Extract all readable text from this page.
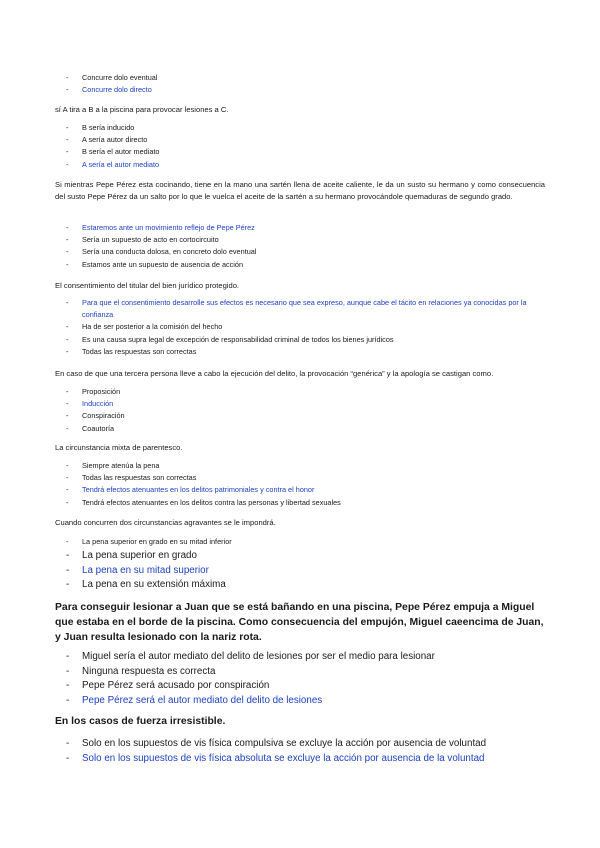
- Concurre dolo eventual
- Concurre dolo directo

sí A tira a B a la piscina para provocar lesiones a C.

- B sería inducido
- A sería autor directo
- B sería el autor mediato
- A sería el autor mediato

Si mientras Pepe Pérez esta cocinando, tiene en la mano una sartén llena de aceite caliente, le da un susto su hermano y como consecuencia del susto Pepe Pérez da un salto por lo que le vuelca el aceite de la sartén a su hermano provocándole quemaduras de segundo grado.

- Estaremos ante un movimiento reflejo de Pepe Pérez
- Sería un supuesto de acto en cortocircuito
- Sería una conducta dolosa, en concreto dolo eventual
- Estamos ante un supuesto de ausencia de acción

El consentimiento del titular del bien jurídico protegido.

- Para que el consentimiento desarrolle sus efectos es necesario que sea expreso, aunque cabe el tácito en relaciones ya conocidas por la confianza
- Ha de ser posterior a la comisión del hecho
- Es una causa supra legal de excepción de responsabilidad criminal de todos los bienes jurídicos
- Todas las respuestas son correctas

En caso de que una tercera persona lleve a cabo la ejecución del delito, la provocación “genérica” y la apología se castigan como.

- Proposición
- Inducción
- Conspiración
- Coautoría

La circunstancia mixta de parentesco.

- Siempre atenúa la pena
- Todas las respuestas son correctas
- Tendrá efectos atenuantes en los delitos patrimoniales y contra el honor
- Tendrá efectos atenuantes en los delitos contra las personas y libertad sexuales

Cuando concurren dos circunstancias agravantes se le impondrá.

- La pena superior en grado en su mitad inferior
- La pena superior en grado
- La pena en su mitad superior
- La pena en su extensión máxima

Para conseguir lesionar a Juan que se está bañando en una piscina, Pepe Pérez empuja a Miguel que estaba en el borde de la piscina. Como consecuencia del empujón, Miguel caeencima de Juan, y Juan resulta lesionado con la nariz rota.

- Miguel sería el autor mediato del delito de lesiones por ser el medio para lesionar
- Ninguna respuesta es correcta
- Pepe Pérez será acusado por conspiración
- Pepe Pérez será el autor mediato del delito de lesiones

En los casos de fuerza irresistible.

- Solo en los supuestos de vis física compulsiva se excluye la acción por ausencia de voluntad
- Solo en los supuestos de vis física absoluta se excluye la acción por ausencia de la voluntad
